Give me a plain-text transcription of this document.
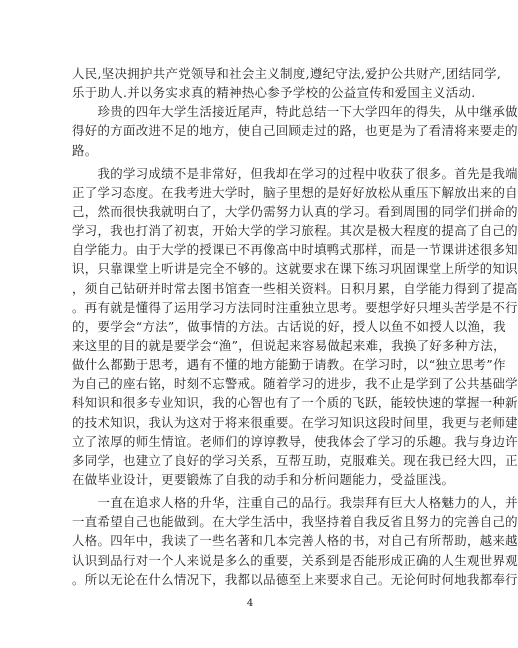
人民,坚决拥护共产党领导和社会主义制度,遵纪守法,爱护公共财产,团结同学,
乐于助人.并以务实求真的精神热心参予学校的公益宣传和爱国主义活动.
　　珍贵的四年大学生活接近尾声，特此总结一下大学四年的得失，从中继承做
得好的方面改进不足的地方，使自己回顾走过的路，也更是为了看清将来要走的
路。
　　我的学习成绩不是非常好，但我却在学习的过程中收获了很多。首先是我端
正了学习态度。在我考进大学时，脑子里想的是好好放松从重压下解放出来的自
己，然而很快我就明白了，大学仍需努力认真的学习。看到周围的同学们拼命的
学习，我也打消了初衷，开始大学的学习旅程。其次是极大程度的提高了自己的
自学能力。由于大学的授课已不再像高中时填鸭式那样，而是一节课讲述很多知
识，只靠课堂上听讲是完全不够的。这就要求在课下练习巩固课堂上所学的知识
，须自己钻研并时常去图书馆查一些相关资料。日积月累，自学能力得到了提高
。再有就是懂得了运用学习方法同时注重独立思考。要想学好只埋头苦学是不行
的，要学会“方法”，做事情的方法。古话说的好，授人以鱼不如授人以渔，我
来这里的目的就是要学会“渔”，但说起来容易做起来难，我换了好多种方法，
做什么都勤于思考，遇有不懂的地方能勤于请教。在学习时，以“独立思考”作
为自己的座右铭，时刻不忘警戒。随着学习的进步，我不止是学到了公共基础学
科知识和很多专业知识，我的心智也有了一个质的飞跃，能较快速的掌握一种新
的技术知识，我认为这对于将来很重要。在学习知识这段时间里，我更与老师建
立了浓厚的师生情谊。老师们的谆谆教导，使我体会了学习的乐趣。我与身边许
多同学，也建立了良好的学习关系，互帮互助，克服难关。现在我已经大四，正
在做毕业设计，更要锻炼了自我的动手和分析问题能力，受益匪浅。
　　一直在追求人格的升华，注重自己的品行。我崇拜有巨大人格魅力的人，并
一直希望自己也能做到。在大学生活中，我坚持着自我反省且努力的完善自己的
人格。四年中，我读了一些名著和几本完善人格的书，对自己有所帮助，越来越
认识到品行对一个人来说是多么的重要，关系到是否能形成正确的人生观世界观
。所以无论在什么情况下，我都以品德至上来要求自己。无论何时何地我都奉行
4
